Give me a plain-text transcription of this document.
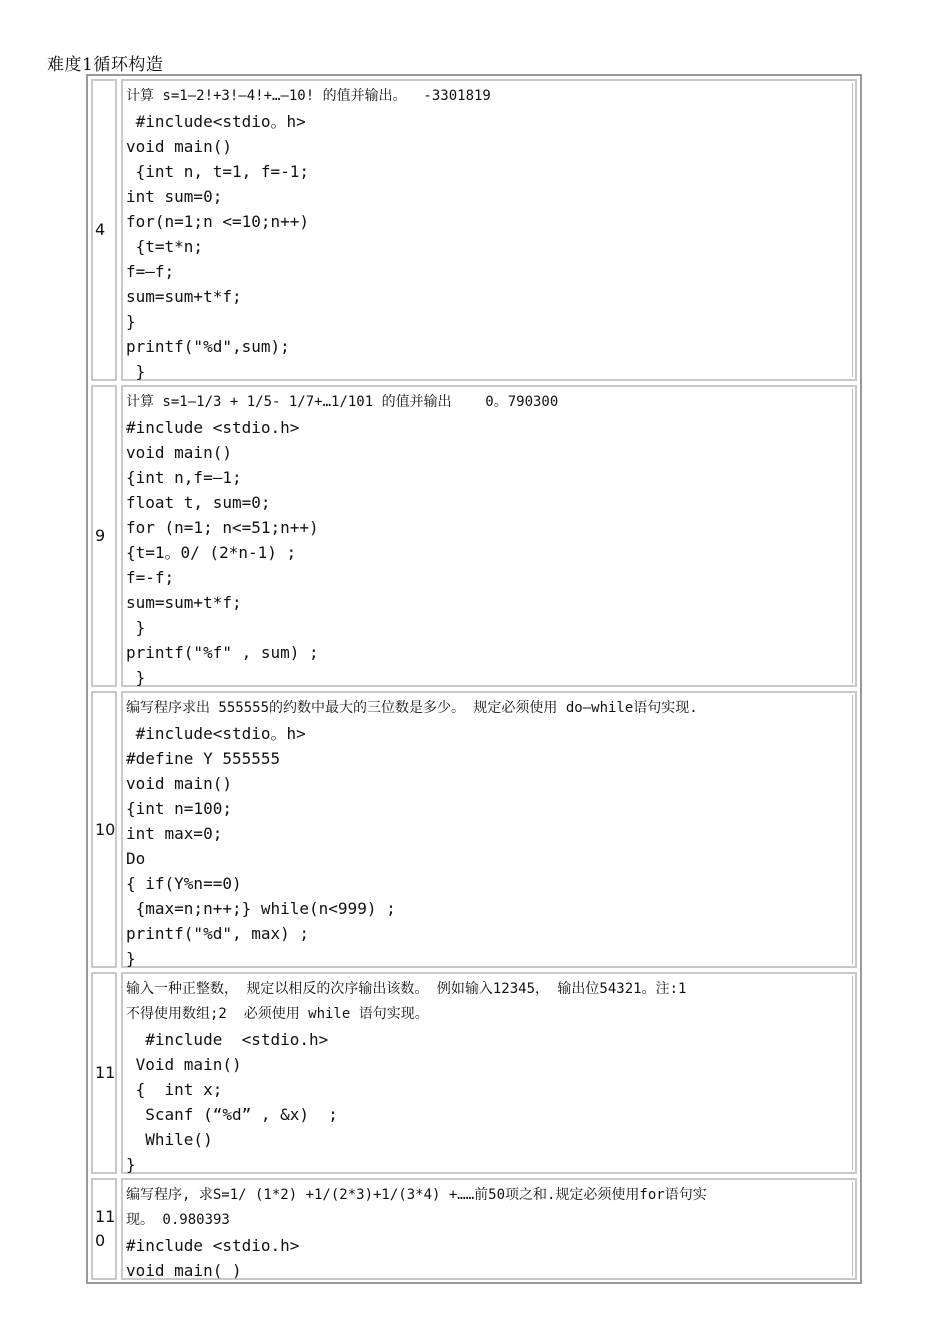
难度1循环构造
4
计算 s=1—2!+3!—4!+…—10! 的值并输出。  -3301819
#include<stdio。h>
void main()
{int n, t=1, f=-1;
int sum=0;
for(n=1;n <=10;n++)
{t=t*n;
f=—f;
sum=sum+t*f;
}
printf("%d",sum);
}
9
计算 s=1—1/3 + 1/5- 1/7+…1/101 的值并输出    0。790300
#include <stdio.h>
void main()
{int n,f=—1;
float t, sum=0;
for (n=1; n<=51;n++)
{t=1。0/ (2*n-1) ;
f=-f;
sum=sum+t*f;
}
printf("%f" , sum) ;
}
10
编写程序求出 555555的约数中最大的三位数是多少。 规定必须使用 do—while语句实现.
#include<stdio。h>
#define Y 555555
void main()
{int n=100;
int max=0;
Do
{ if(Y%n==0)
{max=n;n++;} while(n<999) ;
printf("%d", max) ;
}
11
输入一种正整数， 规定以相反的次序输出该数。 例如输入12345， 输出位54321。注:1
不得使用数组;2  必须使用 while 语句实现。
#include  <stdio.h>
Void main()
{  int x;
Scanf (“%d” , &x)  ;
While()
}
110
编写程序, 求S=1/ (1*2) +1/(2*3)+1/(3*4) +……前50项之和.规定必须使用for语句实
现。 0.980393
#include <stdio.h>
void main( )
